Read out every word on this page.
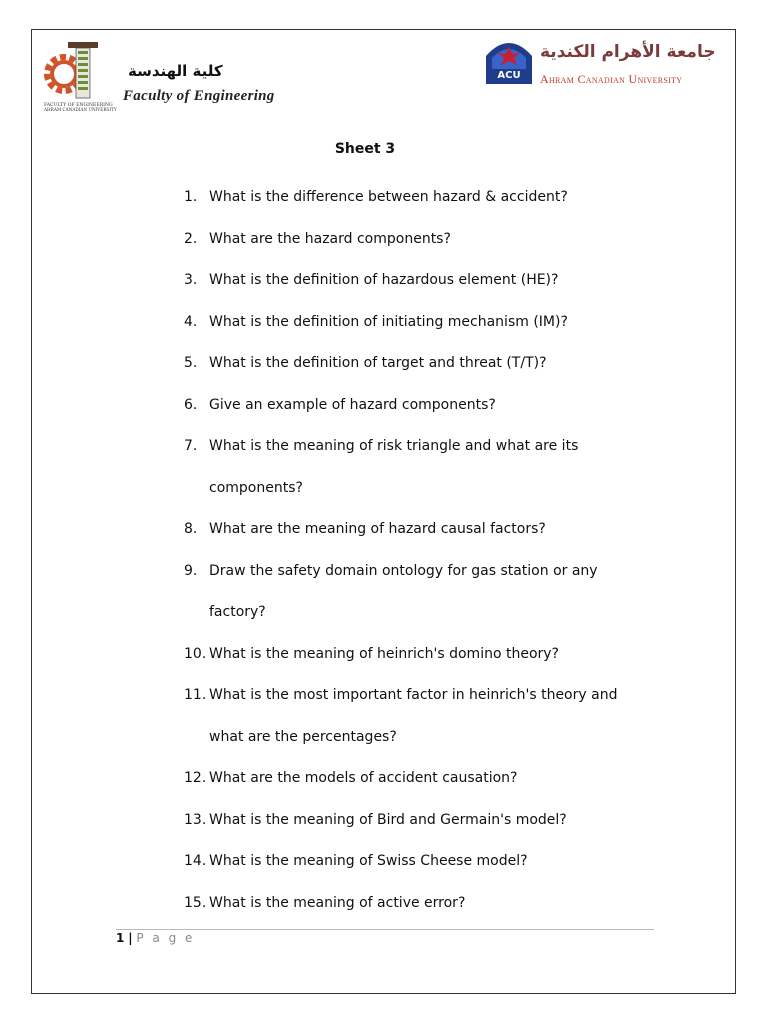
FACULTY OF ENGINEERING
AHRAM CANADIAN UNIVERSITY
كلية الهندسة
Faculty of Engineering
ACU
جامعة الأهرام الكندية
Ahram Canadian University
Sheet 3
1. What is the difference between hazard & accident?
2. What are the hazard components?
3. What is the definition of hazardous element (HE)?
4. What is the definition of initiating mechanism (IM)?
5. What is the definition of target and threat (T/T)?
6. Give an example of hazard components?
7. What is the meaning of risk triangle and what are its
components?
8. What are the meaning of hazard causal factors?
9. Draw the safety domain ontology for gas station or any
factory?
10. What is the meaning of heinrich's domino theory?
11. What is the most important factor in heinrich's theory and
what are the percentages?
12. What are the models of accident causation?
13. What is the meaning of Bird and Germain's model?
14. What is the meaning of Swiss Cheese model?
15. What is the meaning of active error?
1 | P a g e
